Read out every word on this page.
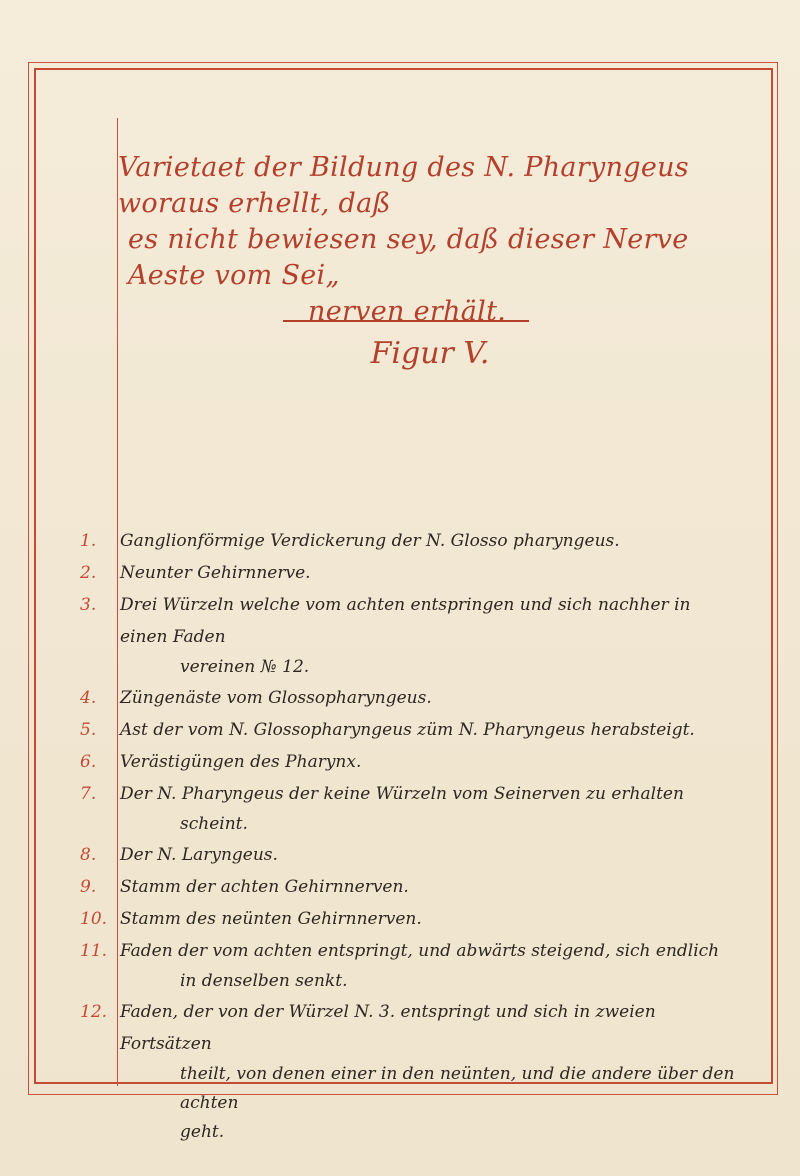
Varietaet der Bildung des N. Pharyngeus woraus erhellt, daß
es nicht bewiesen sey, daß dieser Nerve Aeste vom Sei„
nerven erhält.
Figur V.
1.	Ganglionförmige Verdickerung der N. Glosso pharyngeus.
2.	Neunter Gehirnnerve.
3.	Drei Würzeln welche vom achten entspringen und sich nachher in einen Faden
vereinen № 12.
4.	Züngenäste vom Glossopharyngeus.
5.	Ast der vom N. Glossopharyngeus züm N. Pharyngeus herabsteigt.
6.	Verästigüngen des Pharynx.
7.	Der N. Pharyngeus der keine Würzeln vom Seinerven zu erhalten
scheint.
8.	Der N. Laryngeus.
9.	Stamm der achten Gehirnnerven.
10. Stamm des neünten Gehirnnerven.
11. Faden der vom achten entspringt, und abwärts steigend, sich endlich
in denselben senkt.
12. Faden, der von der Würzel N. 3. entspringt und sich in zweien Fortsätzen
theilt, von denen einer in den neünten, und die andere über den achten
geht.
